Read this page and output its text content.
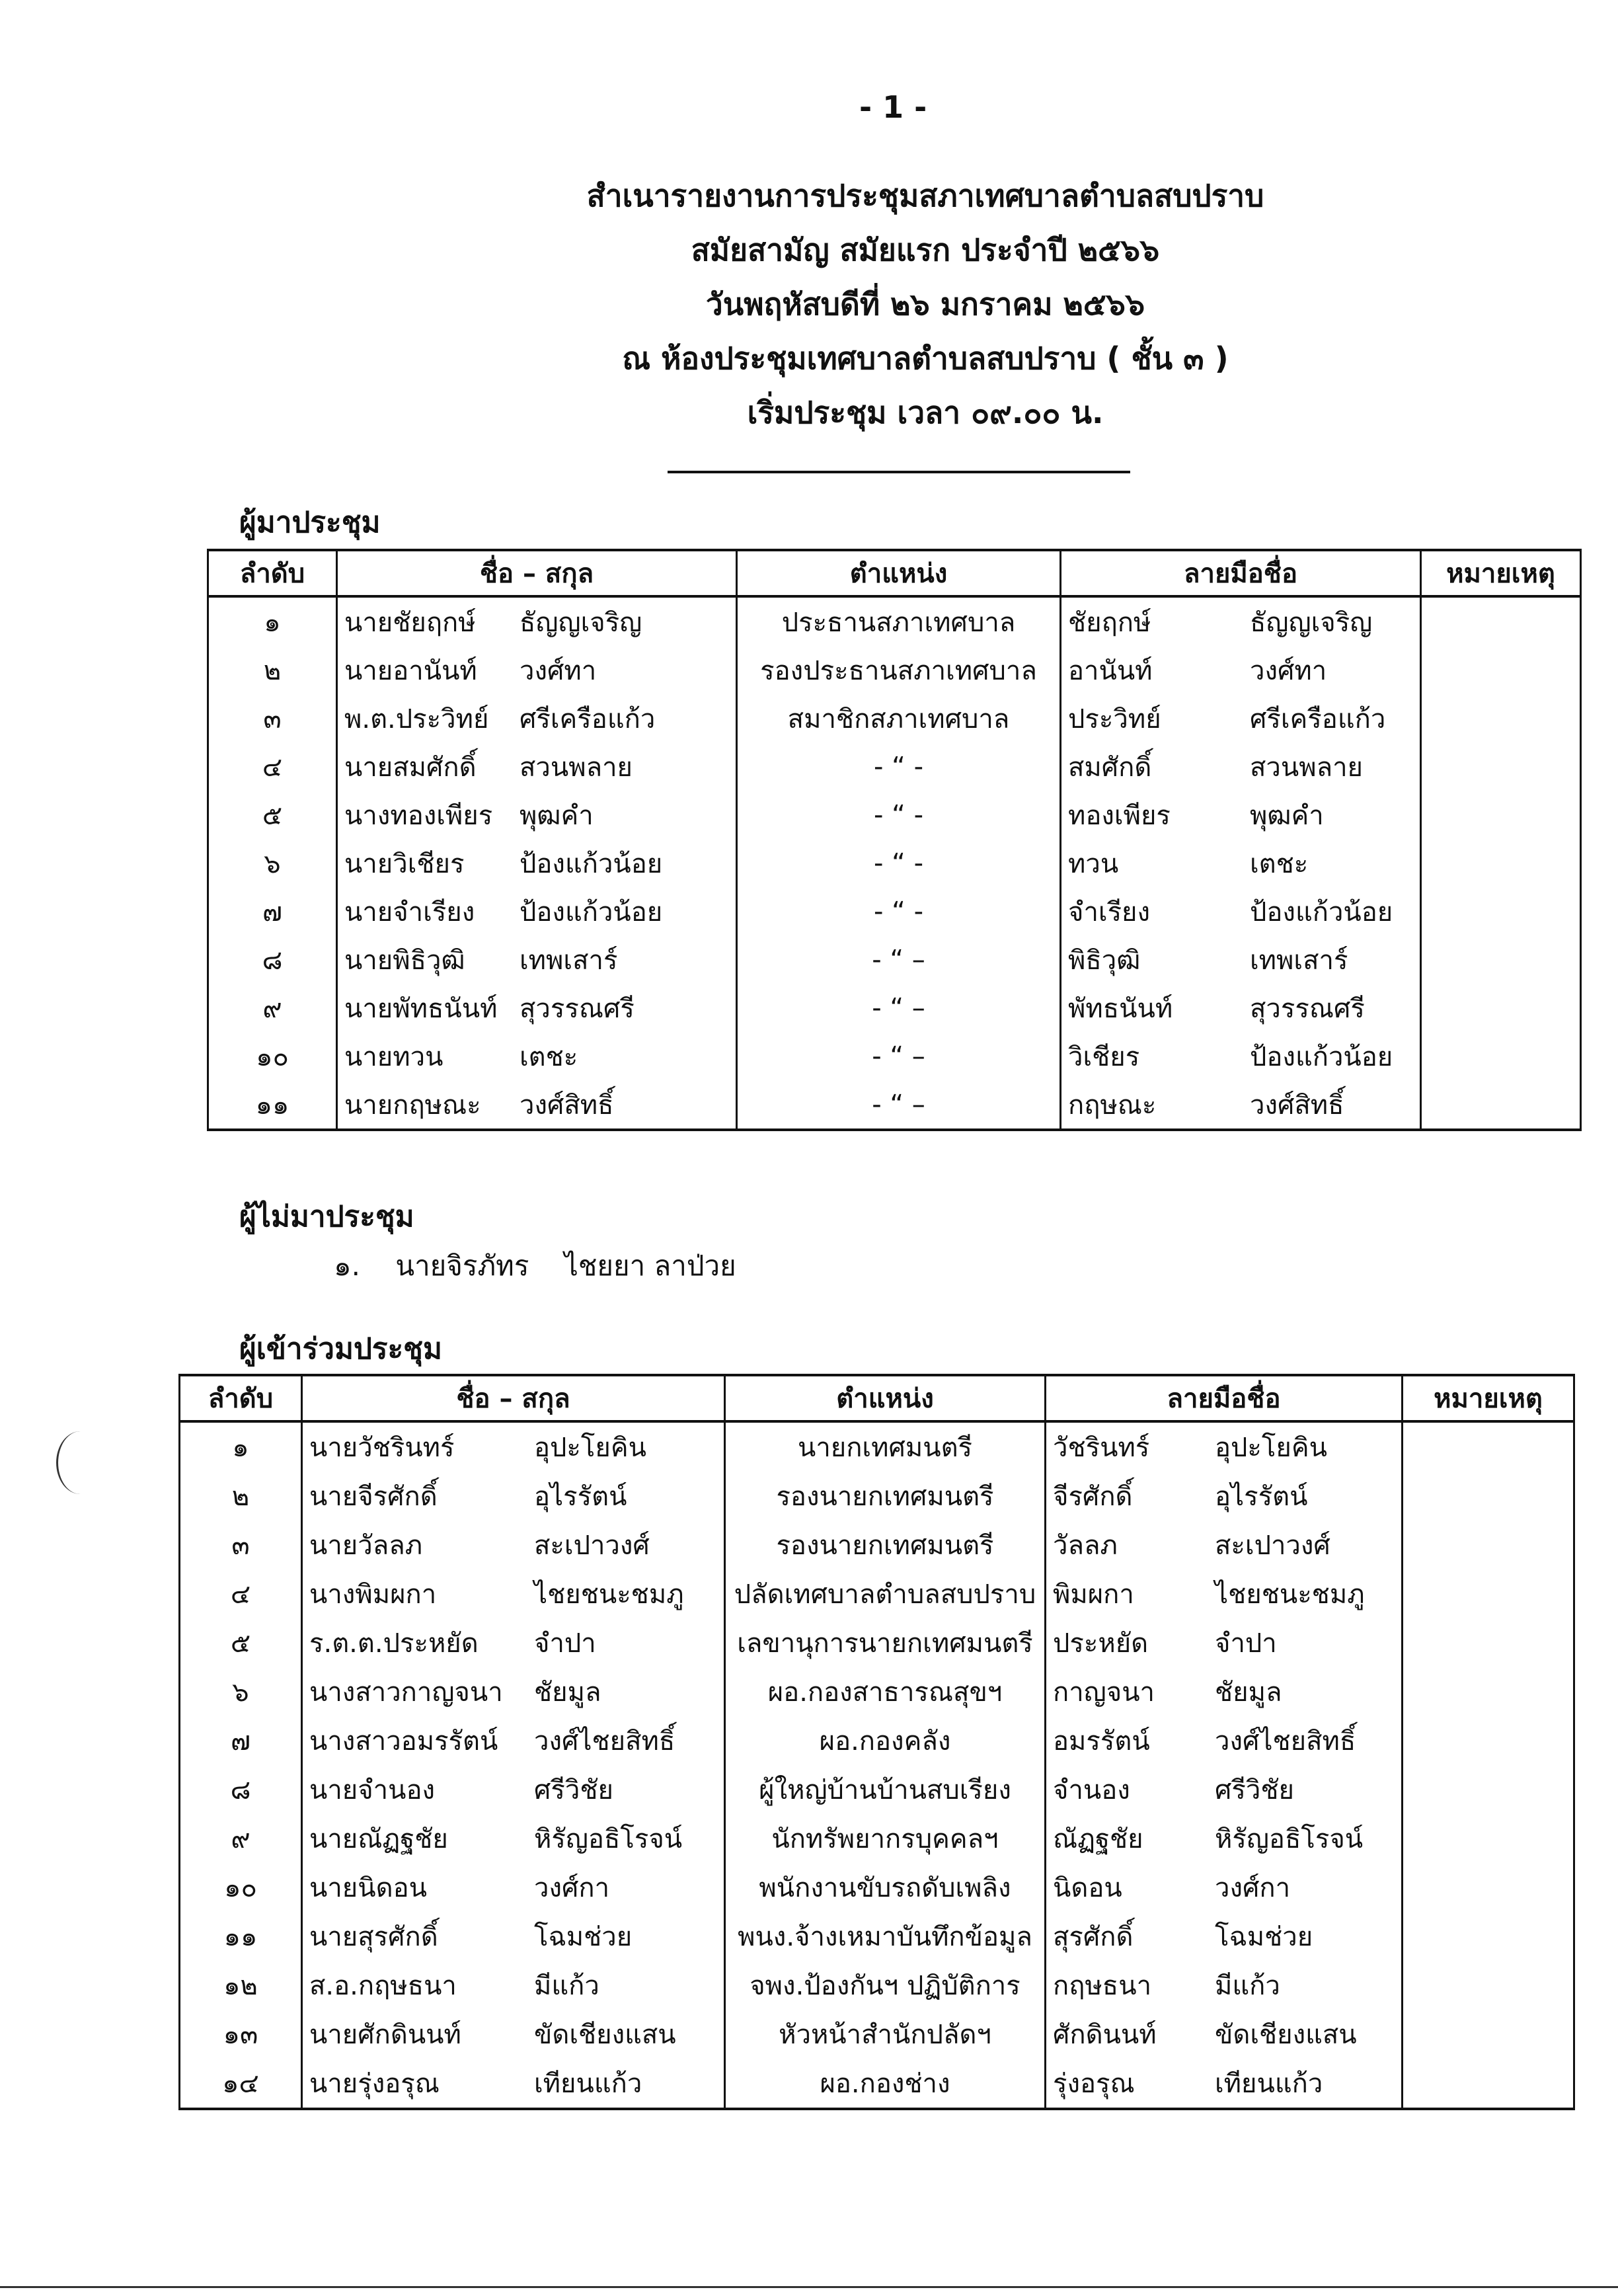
- 1 -
สำเนารายงานการประชุมสภาเทศบาลตำบลสบปราบ
สมัยสามัญ สมัยแรก ประจำปี ๒๕๖๖
วันพฤหัสบดีที่ ๒๖ มกราคม ๒๕๖๖
ณ ห้องประชุมเทศบาลตำบลสบปราบ ( ชั้น ๓ )
เริ่มประชุม เวลา ๐๙.๐๐ น.
ผู้มาประชุม
ลำดับ	ชื่อ – สกุล	ตำแหน่ง	ลายมือชื่อ	หมายเหตุ
๑	นายชัยฤกษ์ ธัญญเจริญ	ประธานสภาเทศบาล	ชัยฤกษ์ ธัญญเจริญ	
๒	นายอานันท์ วงศ์ทา	รองประธานสภาเทศบาล	อานันท์ วงศ์ทา	
๓	พ.ต.ประวิทย์ ศรีเครือแก้ว	สมาชิกสภาเทศบาล	ประวิทย์ ศรีเครือแก้ว	
๔	นายสมศักดิ์ สวนพลาย	- “ -	สมศักดิ์ สวนพลาย	
๕	นางทองเพียร พุฒคำ	- “ -	ทองเพียร พุฒคำ	
๖	นายวิเชียร ป้องแก้วน้อย	- “ -	ทวน เตชะ	
๗	นายจำเรียง ป้องแก้วน้อย	- “ -	จำเรียง ป้องแก้วน้อย	
๘	นายพิธิวุฒิ เทพเสาร์	- “ –	พิธิวุฒิ เทพเสาร์	
๙	นายพัทธนันท์ สุวรรณศรี	- “ –	พัทธนันท์ สุวรรณศรี	
๑๐	นายทวน เตชะ	- “ –	วิเชียร ป้องแก้วน้อย	
๑๑	นายกฤษณะ วงศ์สิทธิ์	- “ –	กฤษณะ วงศ์สิทธิ์	
ผู้ไม่มาประชุม
๑. นายจิรภัทร ไชยยา ลาป่วย
ผู้เข้าร่วมประชุม
ลำดับ	ชื่อ – สกุล	ตำแหน่ง	ลายมือชื่อ	หมายเหตุ
๑	นายวัชรินทร์ อุปะโยคิน	นายกเทศมนตรี	วัชรินทร์ อุปะโยคิน	
๒	นายจีรศักดิ์ อุไรรัตน์	รองนายกเทศมนตรี	จีรศักดิ์ อุไรรัตน์	
๓	นายวัลลภ สะเปาวงศ์	รองนายกเทศมนตรี	วัลลภ สะเปาวงศ์	
๔	นางพิมผกา ไชยชนะชมภู	ปลัดเทศบาลตำบลสบปราบ	พิมผกา ไชยชนะชมภู	
๕	ร.ต.ต.ประหยัด จำปา	เลขานุการนายกเทศมนตรี	ประหยัด จำปา	
๖	นางสาวกาญจนา ชัยมูล	ผอ.กองสาธารณสุขฯ	กาญจนา ชัยมูล	
๗	นางสาวอมรรัตน์ วงศ์ไชยสิทธิ์	ผอ.กองคลัง	อมรรัตน์ วงศ์ไชยสิทธิ์	
๘	นายจำนอง ศรีวิชัย	ผู้ใหญ่บ้านบ้านสบเรียง	จำนอง ศรีวิชัย	
๙	นายณัฏฐชัย หิรัญอธิโรจน์	นักทรัพยากรบุคคลฯ	ณัฏฐชัย หิรัญอธิโรจน์	
๑๐	นายนิดอน วงศ์กา	พนักงานขับรถดับเพลิง	นิดอน วงศ์กา	
๑๑	นายสุรศักดิ์ โฉมช่วย	พนง.จ้างเหมาบันทึกข้อมูล	สุรศักดิ์ โฉมช่วย	
๑๒	ส.อ.กฤษธนา มีแก้ว	จพง.ป้องกันฯ ปฏิบัติการ	กฤษธนา มีแก้ว	
๑๓	นายศักดินนท์ ขัดเชียงแสน	หัวหน้าสำนักปลัดฯ	ศักดินนท์ ขัดเชียงแสน	
๑๔	นายรุ่งอรุณ เทียนแก้ว	ผอ.กองช่าง	รุ่งอรุณ เทียนแก้ว	
